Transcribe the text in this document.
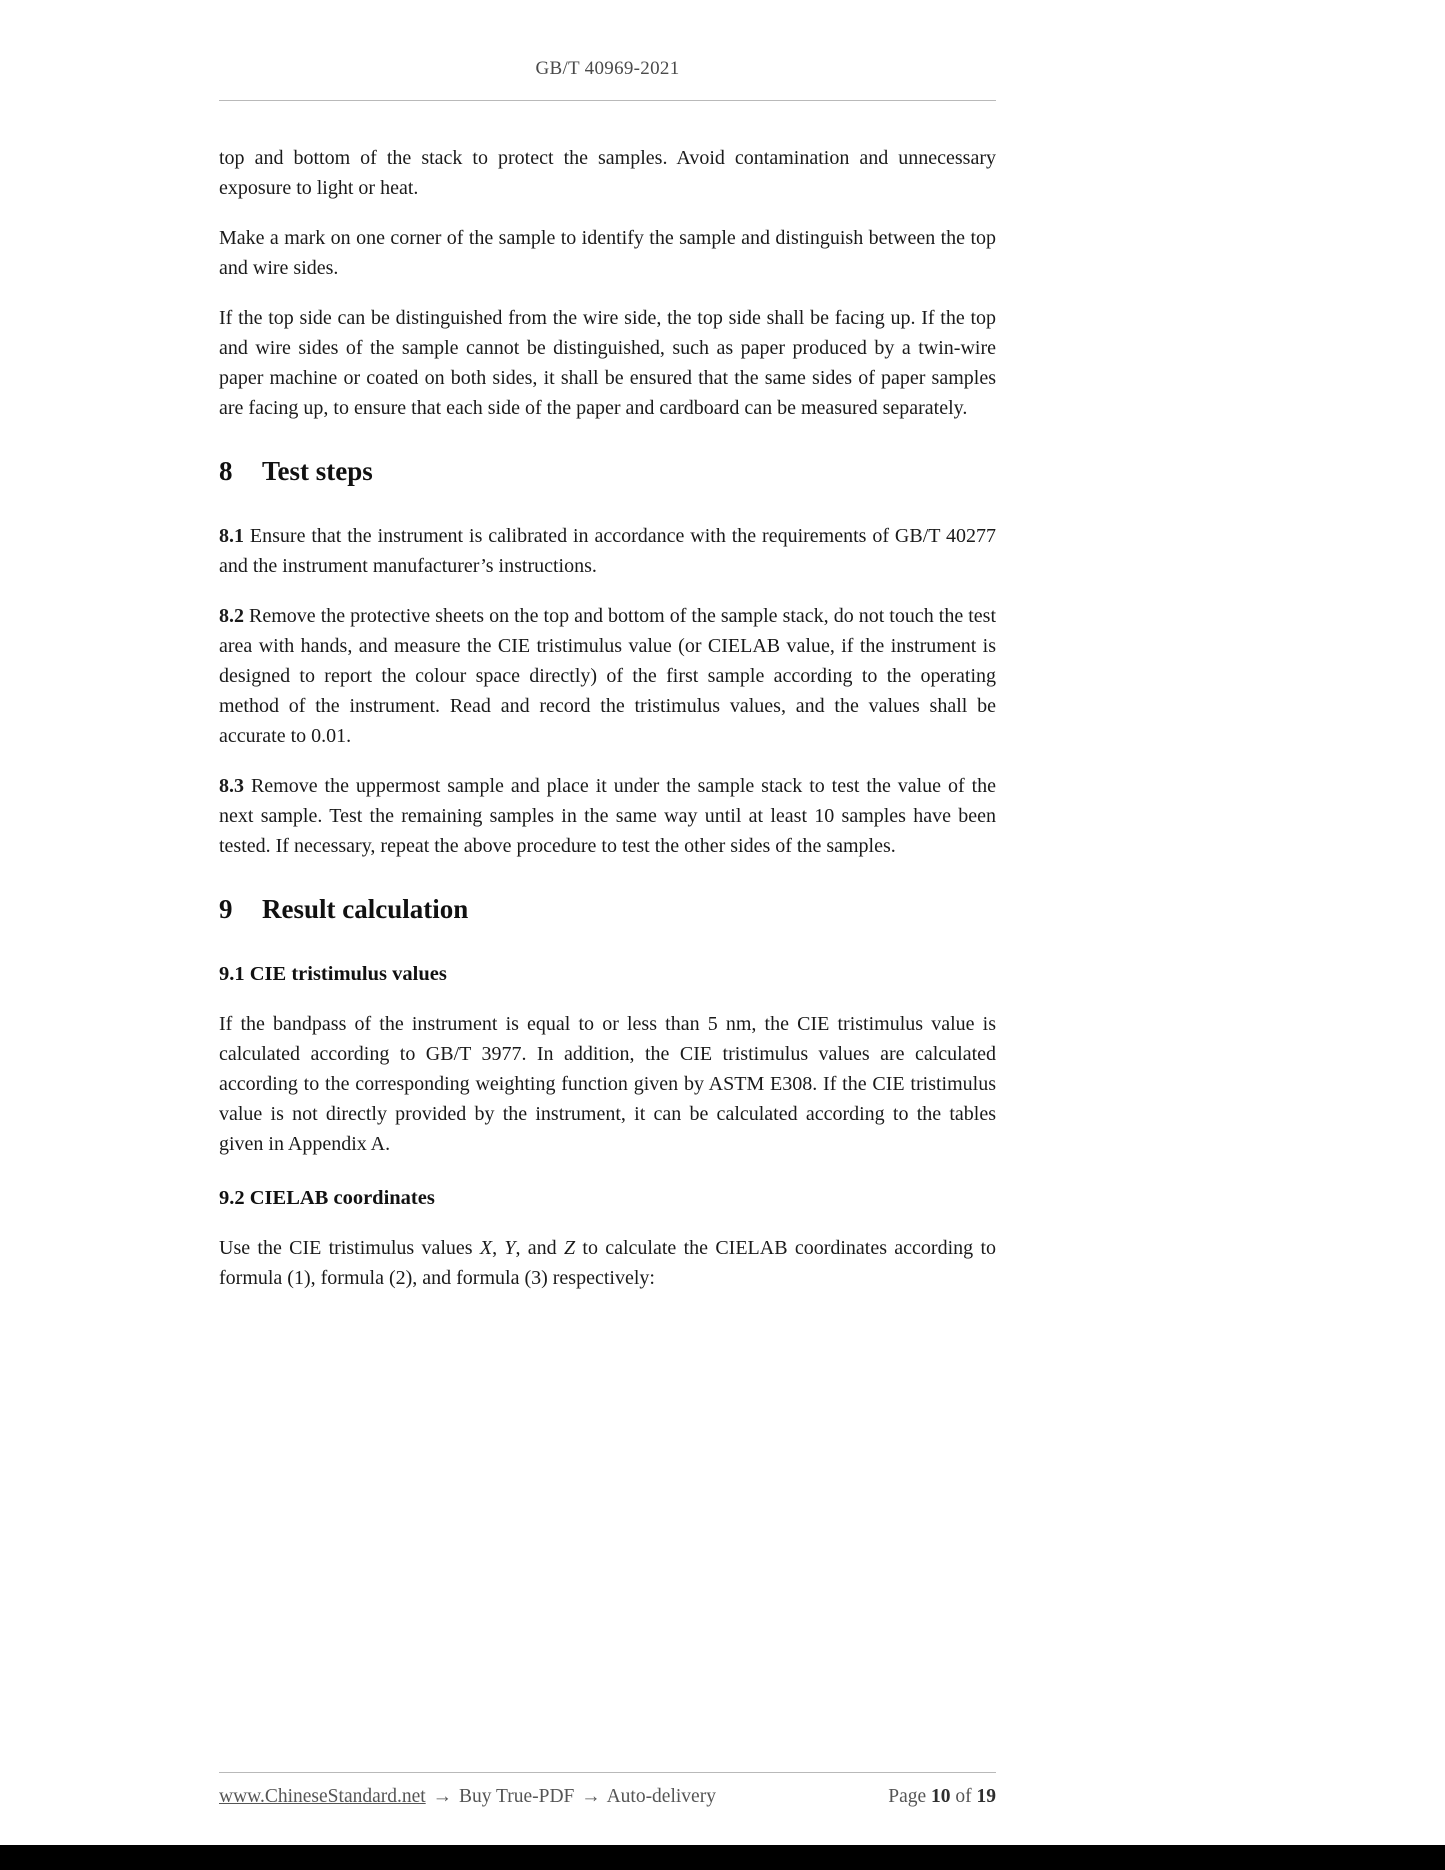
GB/T 40969-2021

top and bottom of the stack to protect the samples. Avoid contamination and unnecessary exposure to light or heat.

Make a mark on one corner of the sample to identify the sample and distinguish between the top and wire sides.

If the top side can be distinguished from the wire side, the top side shall be facing up. If the top and wire sides of the sample cannot be distinguished, such as paper produced by a twin-wire paper machine or coated on both sides, it shall be ensured that the same sides of paper samples are facing up, to ensure that each side of the paper and cardboard can be measured separately.

8 Test steps

8.1 Ensure that the instrument is calibrated in accordance with the requirements of GB/T 40277 and the instrument manufacturer’s instructions.

8.2 Remove the protective sheets on the top and bottom of the sample stack, do not touch the test area with hands, and measure the CIE tristimulus value (or CIELAB value, if the instrument is designed to report the colour space directly) of the first sample according to the operating method of the instrument. Read and record the tristimulus values, and the values shall be accurate to 0.01.

8.3 Remove the uppermost sample and place it under the sample stack to test the value of the next sample. Test the remaining samples in the same way until at least 10 samples have been tested. If necessary, repeat the above procedure to test the other sides of the samples.

9 Result calculation
9.1 CIE tristimulus values

If the bandpass of the instrument is equal to or less than 5 nm, the CIE tristimulus value is calculated according to GB/T 3977. In addition, the CIE tristimulus values are calculated according to the corresponding weighting function given by ASTM E308. If the CIE tristimulus value is not directly provided by the instrument, it can be calculated according to the tables given in Appendix A.

9.2 CIELAB coordinates

Use the CIE tristimulus values X, Y, and Z to calculate the CIELAB coordinates according to formula (1), formula (2), and formula (3) respectively:

www.ChineseStandard.net → Buy True-PDF → Auto-delivery	Page 10 of 19
